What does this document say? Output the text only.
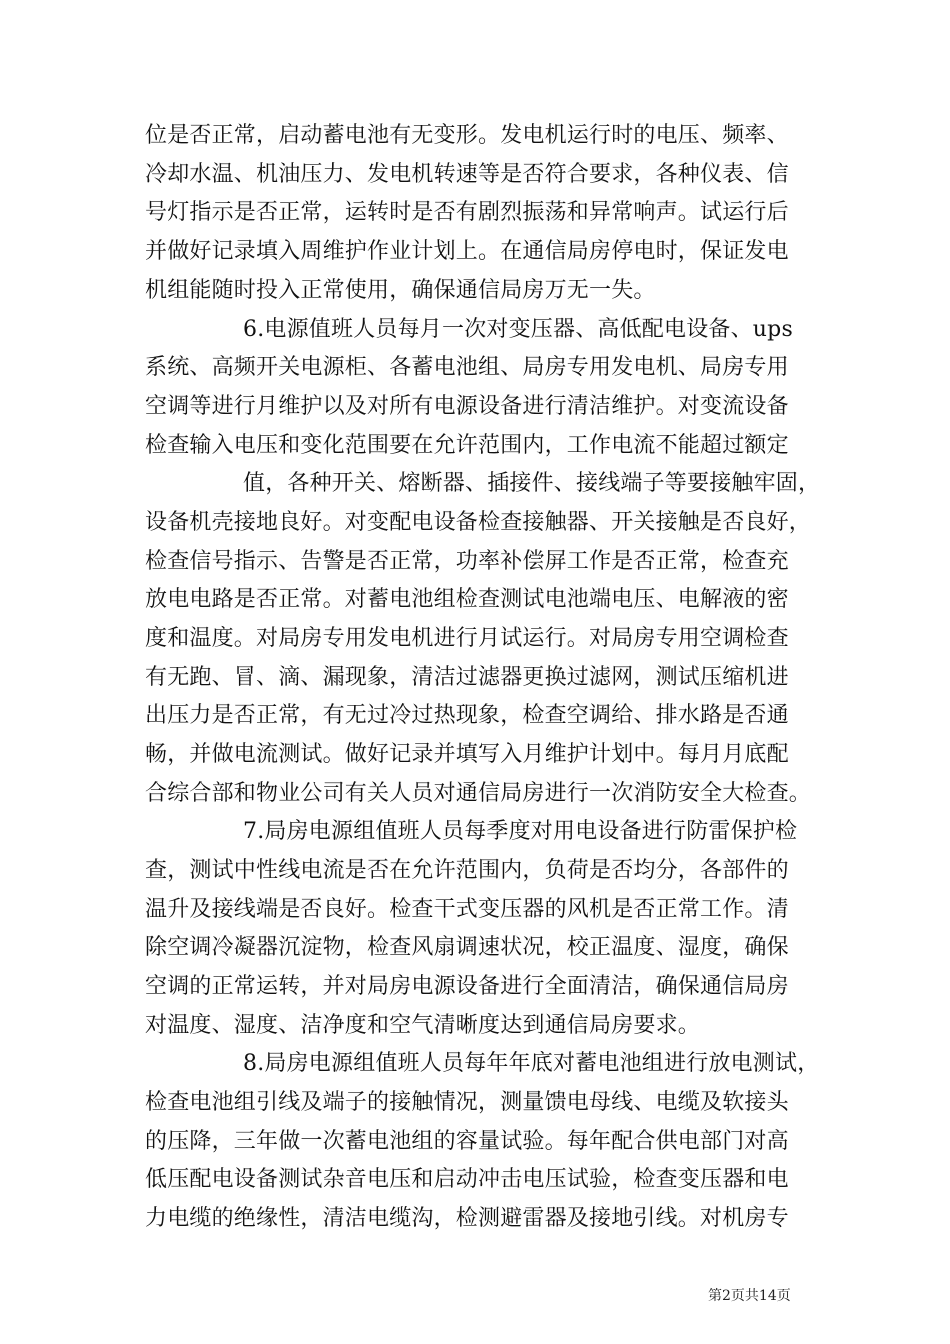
位是否正常，启动蓄电池有无变形。发电机运行时的电压、频率、
冷却水温、机油压力、发电机转速等是否符合要求，各种仪表、信
号灯指示是否正常，运转时是否有剧烈振荡和异常响声。试运行后
并做好记录填入周维护作业计划上。在通信局房停电时，保证发电
机组能随时投入正常使用，确保通信局房万无一失。
6.电源值班人员每月一次对变压器、高低配电设备、ups
系统、高频开关电源柜、各蓄电池组、局房专用发电机、局房专用
空调等进行月维护以及对所有电源设备进行清洁维护。对变流设备
检查输入电压和变化范围要在允许范围内，工作电流不能超过额定
值，各种开关、熔断器、插接件、接线端子等要接触牢固，
设备机壳接地良好。对变配电设备检查接触器、开关接触是否良好，
检查信号指示、告警是否正常，功率补偿屏工作是否正常，检查充
放电电路是否正常。对蓄电池组检查测试电池端电压、电解液的密
度和温度。对局房专用发电机进行月试运行。对局房专用空调检查
有无跑、冒、滴、漏现象，清洁过滤器更换过滤网，测试压缩机进
出压力是否正常，有无过冷过热现象，检查空调给、排水路是否通
畅，并做电流测试。做好记录并填写入月维护计划中。每月月底配
合综合部和物业公司有关人员对通信局房进行一次消防安全大检查。
7.局房电源组值班人员每季度对用电设备进行防雷保护检
查，测试中性线电流是否在允许范围内，负荷是否均分，各部件的
温升及接线端是否良好。检查干式变压器的风机是否正常工作。清
除空调冷凝器沉淀物，检查风扇调速状况，校正温度、湿度，确保
空调的正常运转，并对局房电源设备进行全面清洁，确保通信局房
对温度、湿度、洁净度和空气清晰度达到通信局房要求。
8.局房电源组值班人员每年年底对蓄电池组进行放电测试，
检查电池组引线及端子的接触情况，测量馈电母线、电缆及软接头
的压降，三年做一次蓄电池组的容量试验。每年配合供电部门对高
低压配电设备测试杂音电压和启动冲击电压试验，检查变压器和电
力电缆的绝缘性，清洁电缆沟，检测避雷器及接地引线。对机房专
第2页共14页
